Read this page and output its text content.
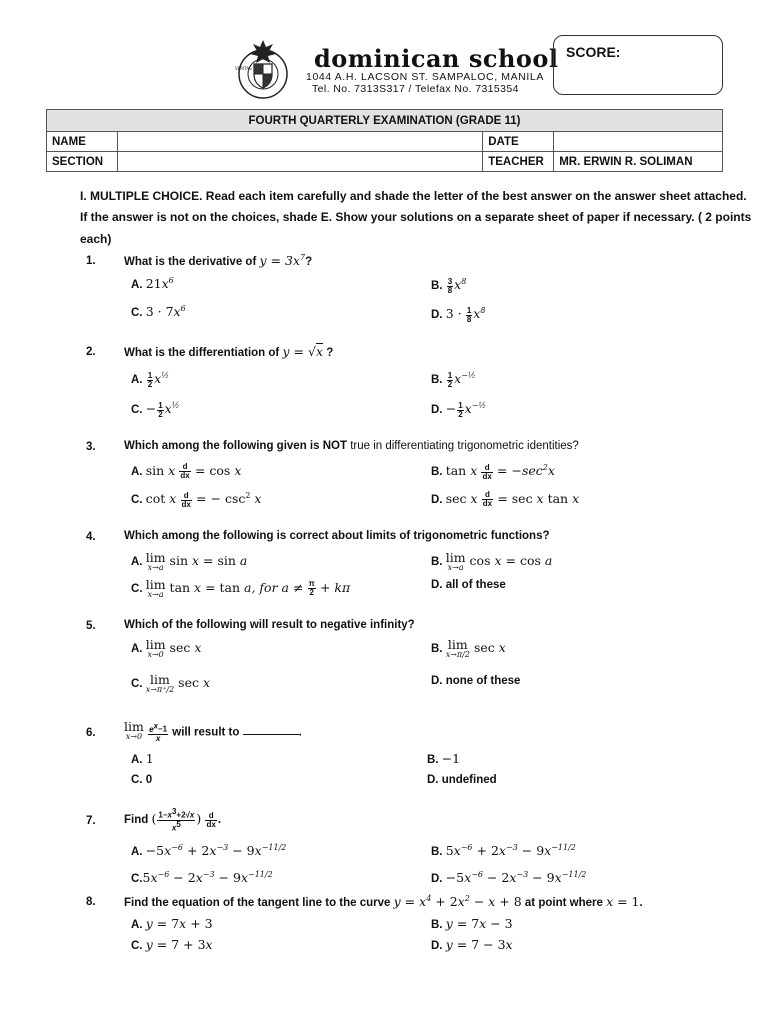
VERITAS	dominican school
1044 A.H. LACSON ST. SAMPALOC, MANILA
Tel. No. 7313S317 / Telefax No. 7315354
SCORE:
FOURTH QUARTERLY EXAMINATION (GRADE 11)			
NAME		DATE	
SECTION		TEACHER	MR. ERWIN R. SOLIMAN
I. MULTIPLE CHOICE. Read each item carefully and shade the letter of the best answer on the answer sheet attached.
If the answer is not on the choices, shade E. Show your solutions on a separate sheet of paper if necessary. ( 2 points
each)
1. What is the derivative of $y = 3x^7$?
A. $21x^6$	B. $\frac{3}{8} x^8$
C. $3 \cdot 7x^6$
D. $3 \cdot \frac{1}{8} x^8$
2. What is the differentiation of y = √x ?
A. $\frac{1}{2} x^{\frac{1}{2}}$	B. $\frac{1}{2} x^{-\frac{1}{2}}$
C. − $\frac{1}{2} x^{\frac{1}{2}}$	D. − $\frac{1}{2} x^{-\frac{1}{2}}$
3. Which among the following given is NOT true in differentiating trigonometric identities?
A. sin x $\frac{d}{dx} = \cos x$	B. tan x $\frac{d}{dx} = -\sec^2x$
C. cot x $\frac{d}{dx}$ = − $\csc^2 x$	D. sec x $\frac{d}{dx} = \sec x$ tan x
4. Which among the following is correct about limits of trigonometric functions?
A. lim
x→a sin x = sin a	B. lim
x→a cos x = cos a
C. lim
x→a tan x = tan a, for $a \ne \frac{\pi}{2} + k\pi$	D. all of these
5. Which of the following will result to negative infinity?
A. lim
x→0 sec x	B. lim
x→π/2 sec x
C. lim
x→π⁺/2 sec x	D. none of these
6. lim
x→0
$\frac{e^x-1}{x}$ will result to	.
A. 1	B. −1
C. 0	D. undefined
7. Find ( $\frac{1-x^3+2√x}{x^5}$ ) $\frac{d}{dx}$ .
A. $-5x^{-6} + 2x^{-3} - 9x^{-11/2}$	B. $5x^{-6} + 2x^{-3} - 9x^{-11/2}$
$C.5x^{-6} - 2x^{-3} - 9x^{-11/2}$	D. $-5x^{-6} - 2x^{-3} - 9x^{-11/2}$
8. Find the equation of the tangent line to the curve $y = x^4 + 2x^2 - x + 8$ at point where x = 1.
A. y = 7x + 3	B. y = 7x − 3
C. y = 7 + 3x	D. y = 7 − 3x
